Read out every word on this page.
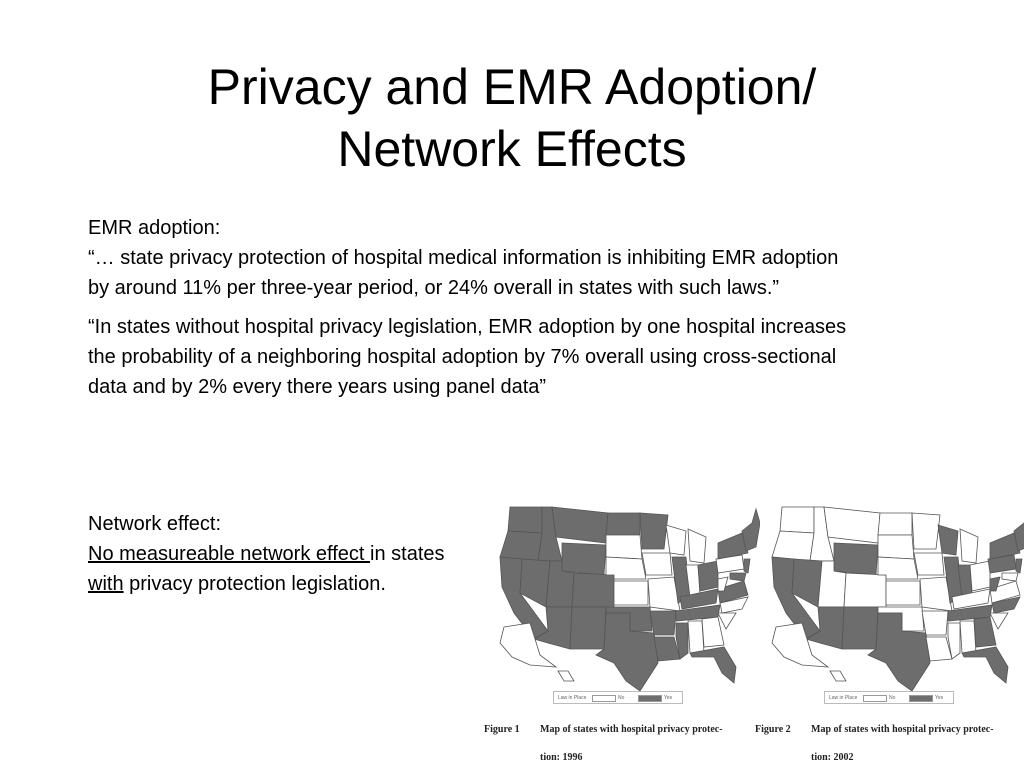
Privacy and EMR Adoption/
Network Effects
EMR adoption:
“… state privacy protection of hospital medical information is inhibiting EMR adoption by around 11% per three-year period, or 24% overall in states with such laws.”
“In states without hospital privacy legislation, EMR adoption by one hospital increases the probability of a neighboring hospital adoption by 7% overall using cross-sectional data and by 2% every there years using panel data”
Network effect:
No measureable network effect in states with privacy protection legislation.
Law in Place	No	Yes	Law in Place	No	Yes
Figure 1 Map of states with hospital privacy protec-
tion: 1996
Figure 2 Map of states with hospital privacy protec-
tion: 2002
